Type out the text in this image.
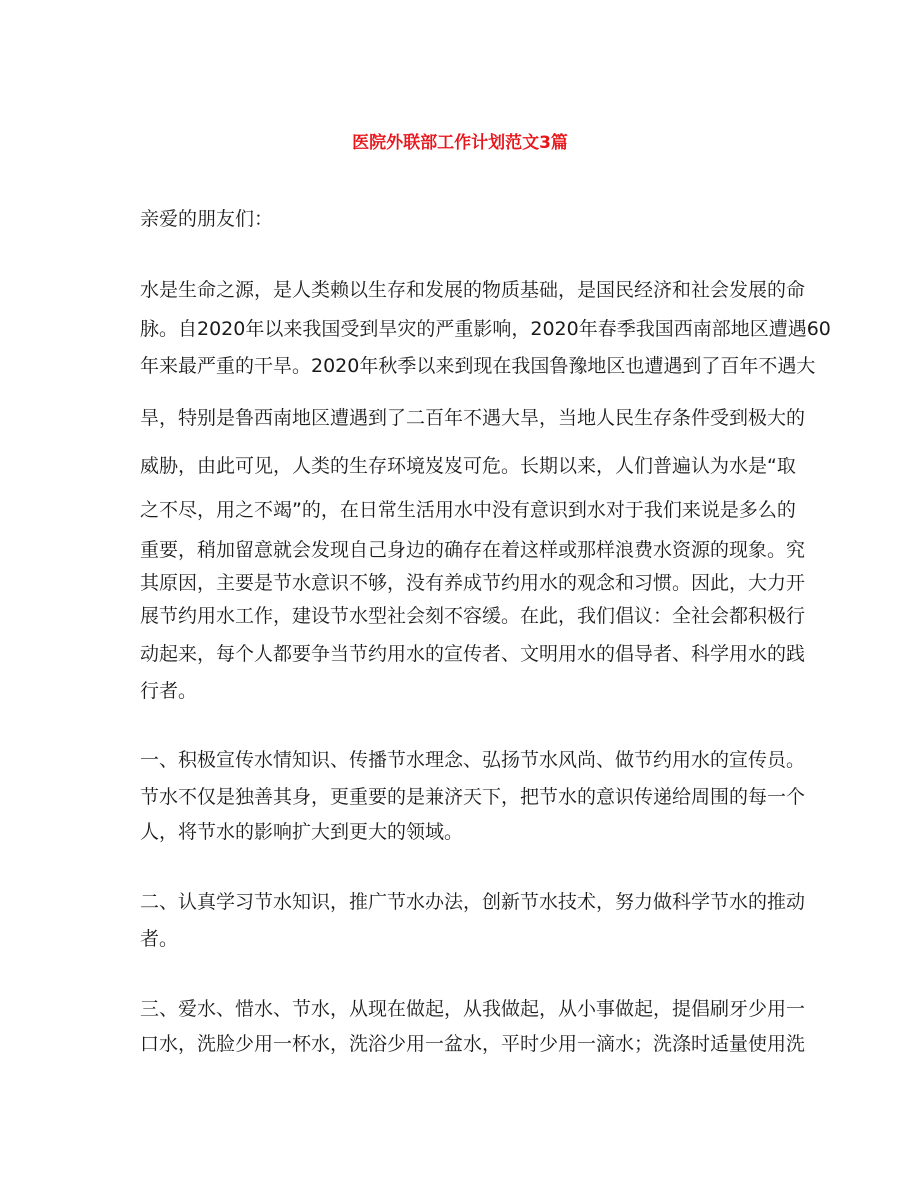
医院外联部工作计划范文3篇

亲爱的朋友们：

水是生命之源，是人类赖以生存和发展的物质基础，是国民经济和社会发展的命

脉。自2020年以来我国受到旱灾的严重影响，2020年春季我国西南部地区遭遇60

年来最严重的干旱。2020年秋季以来到现在我国鲁豫地区也遭遇到了百年不遇大

旱，特别是鲁西南地区遭遇到了二百年不遇大旱，当地人民生存条件受到极大的

威胁，由此可见，人类的生存环境岌岌可危。长期以来，人们普遍认为水是“取

之不尽，用之不竭”的，在日常生活用水中没有意识到水对于我们来说是多么的

重要，稍加留意就会发现自己身边的确存在着这样或那样浪费水资源的现象。究

其原因，主要是节水意识不够，没有养成节约用水的观念和习惯。因此，大力开

展节约用水工作，建设节水型社会刻不容缓。在此，我们倡议：全社会都积极行

动起来，每个人都要争当节约用水的宣传者、文明用水的倡导者、科学用水的践

行者。

一、积极宣传水情知识、传播节水理念、弘扬节水风尚、做节约用水的宣传员。

节水不仅是独善其身，更重要的是兼济天下，把节水的意识传递给周围的每一个

人，将节水的影响扩大到更大的领域。

二、认真学习节水知识，推广节水办法，创新节水技术，努力做科学节水的推动

者。

三、爱水、惜水、节水，从现在做起，从我做起，从小事做起，提倡刷牙少用一

口水，洗脸少用一杯水，洗浴少用一盆水，平时少用一滴水；洗涤时适量使用洗
